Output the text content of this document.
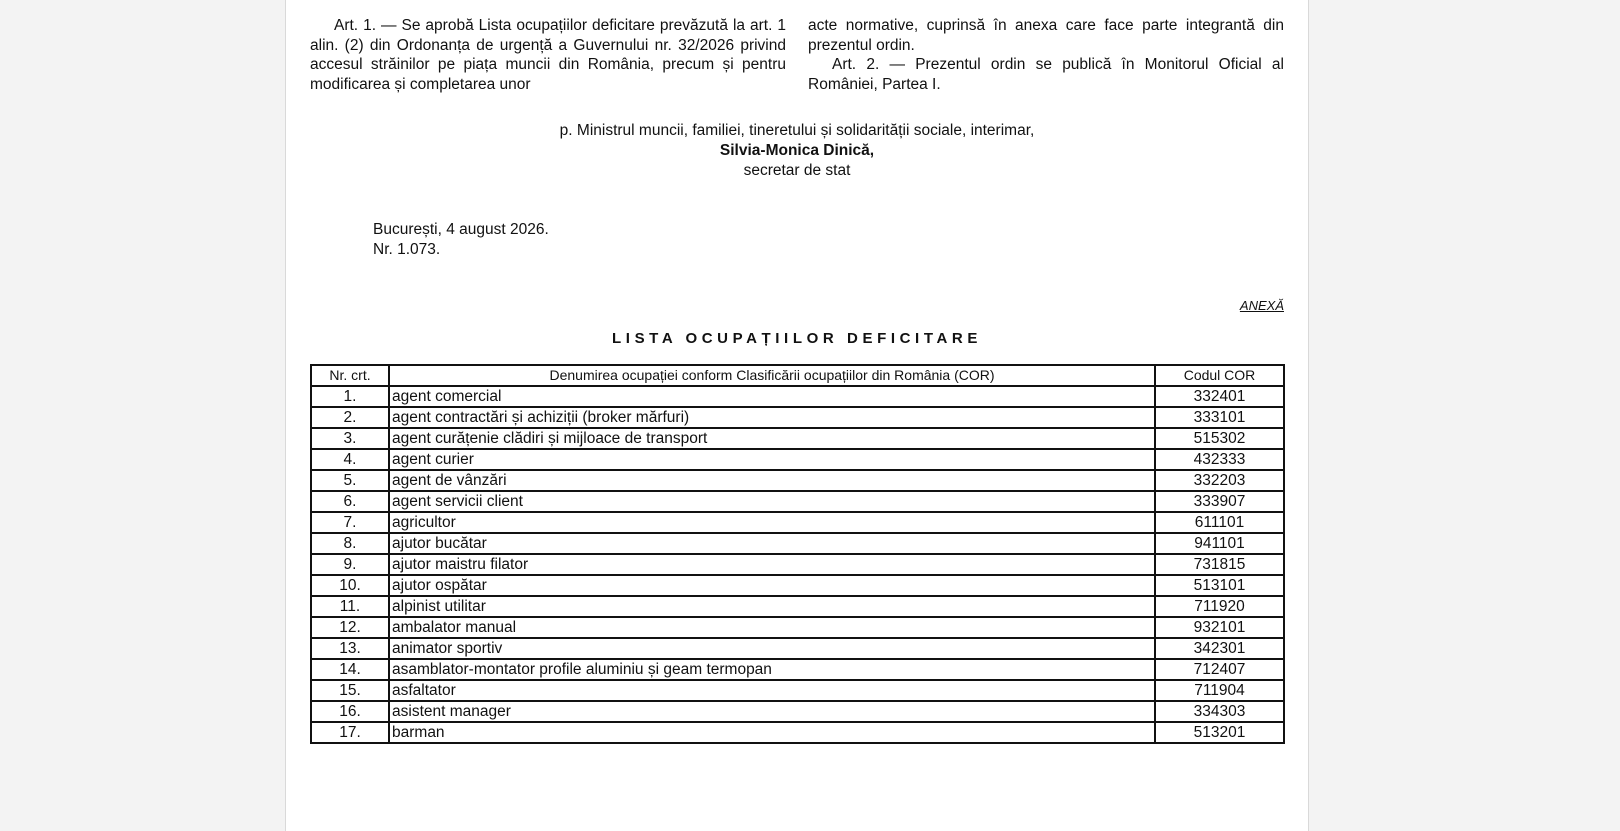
Art. 1. — Se aprobă Lista ocupațiilor deficitare prevăzută la art. 1 alin. (2) din Ordonanța de urgență a Guvernului nr. 32/2026 privind accesul străinilor pe piața muncii din România, precum și pentru modificarea și completarea unor

acte normative, cuprinsă în anexa care face parte integrantă din prezentul ordin.

Art. 2. — Prezentul ordin se publică în Monitorul Oficial al României, Partea I.

p. Ministrul muncii, familiei, tineretului și solidarității sociale, interimar,
Silvia-Monica Dinică,
secretar de stat
București, 4 august 2026.
Nr. 1.073.
ANEXĂ
LISTA OCUPAȚIILOR DEFICITARE
Nr. crt.	Denumirea ocupației conform Clasificării ocupațiilor din România (COR)	Codul COR
1.	agent comercial	332401
2.	agent contractări și achiziții (broker mărfuri)	333101
3.	agent curățenie clădiri și mijloace de transport	515302
4.	agent curier	432333
5.	agent de vânzări	332203
6.	agent servicii client	333907
7.	agricultor	611101
8.	ajutor bucătar	941101
9.	ajutor maistru filator	731815
10.	ajutor ospătar	513101
11.	alpinist utilitar	711920
12.	ambalator manual	932101
13.	animator sportiv	342301
14.	asamblator-montator profile aluminiu și geam termopan	712407
15.	asfaltator	711904
16.	asistent manager	334303
17.	barman	513201
